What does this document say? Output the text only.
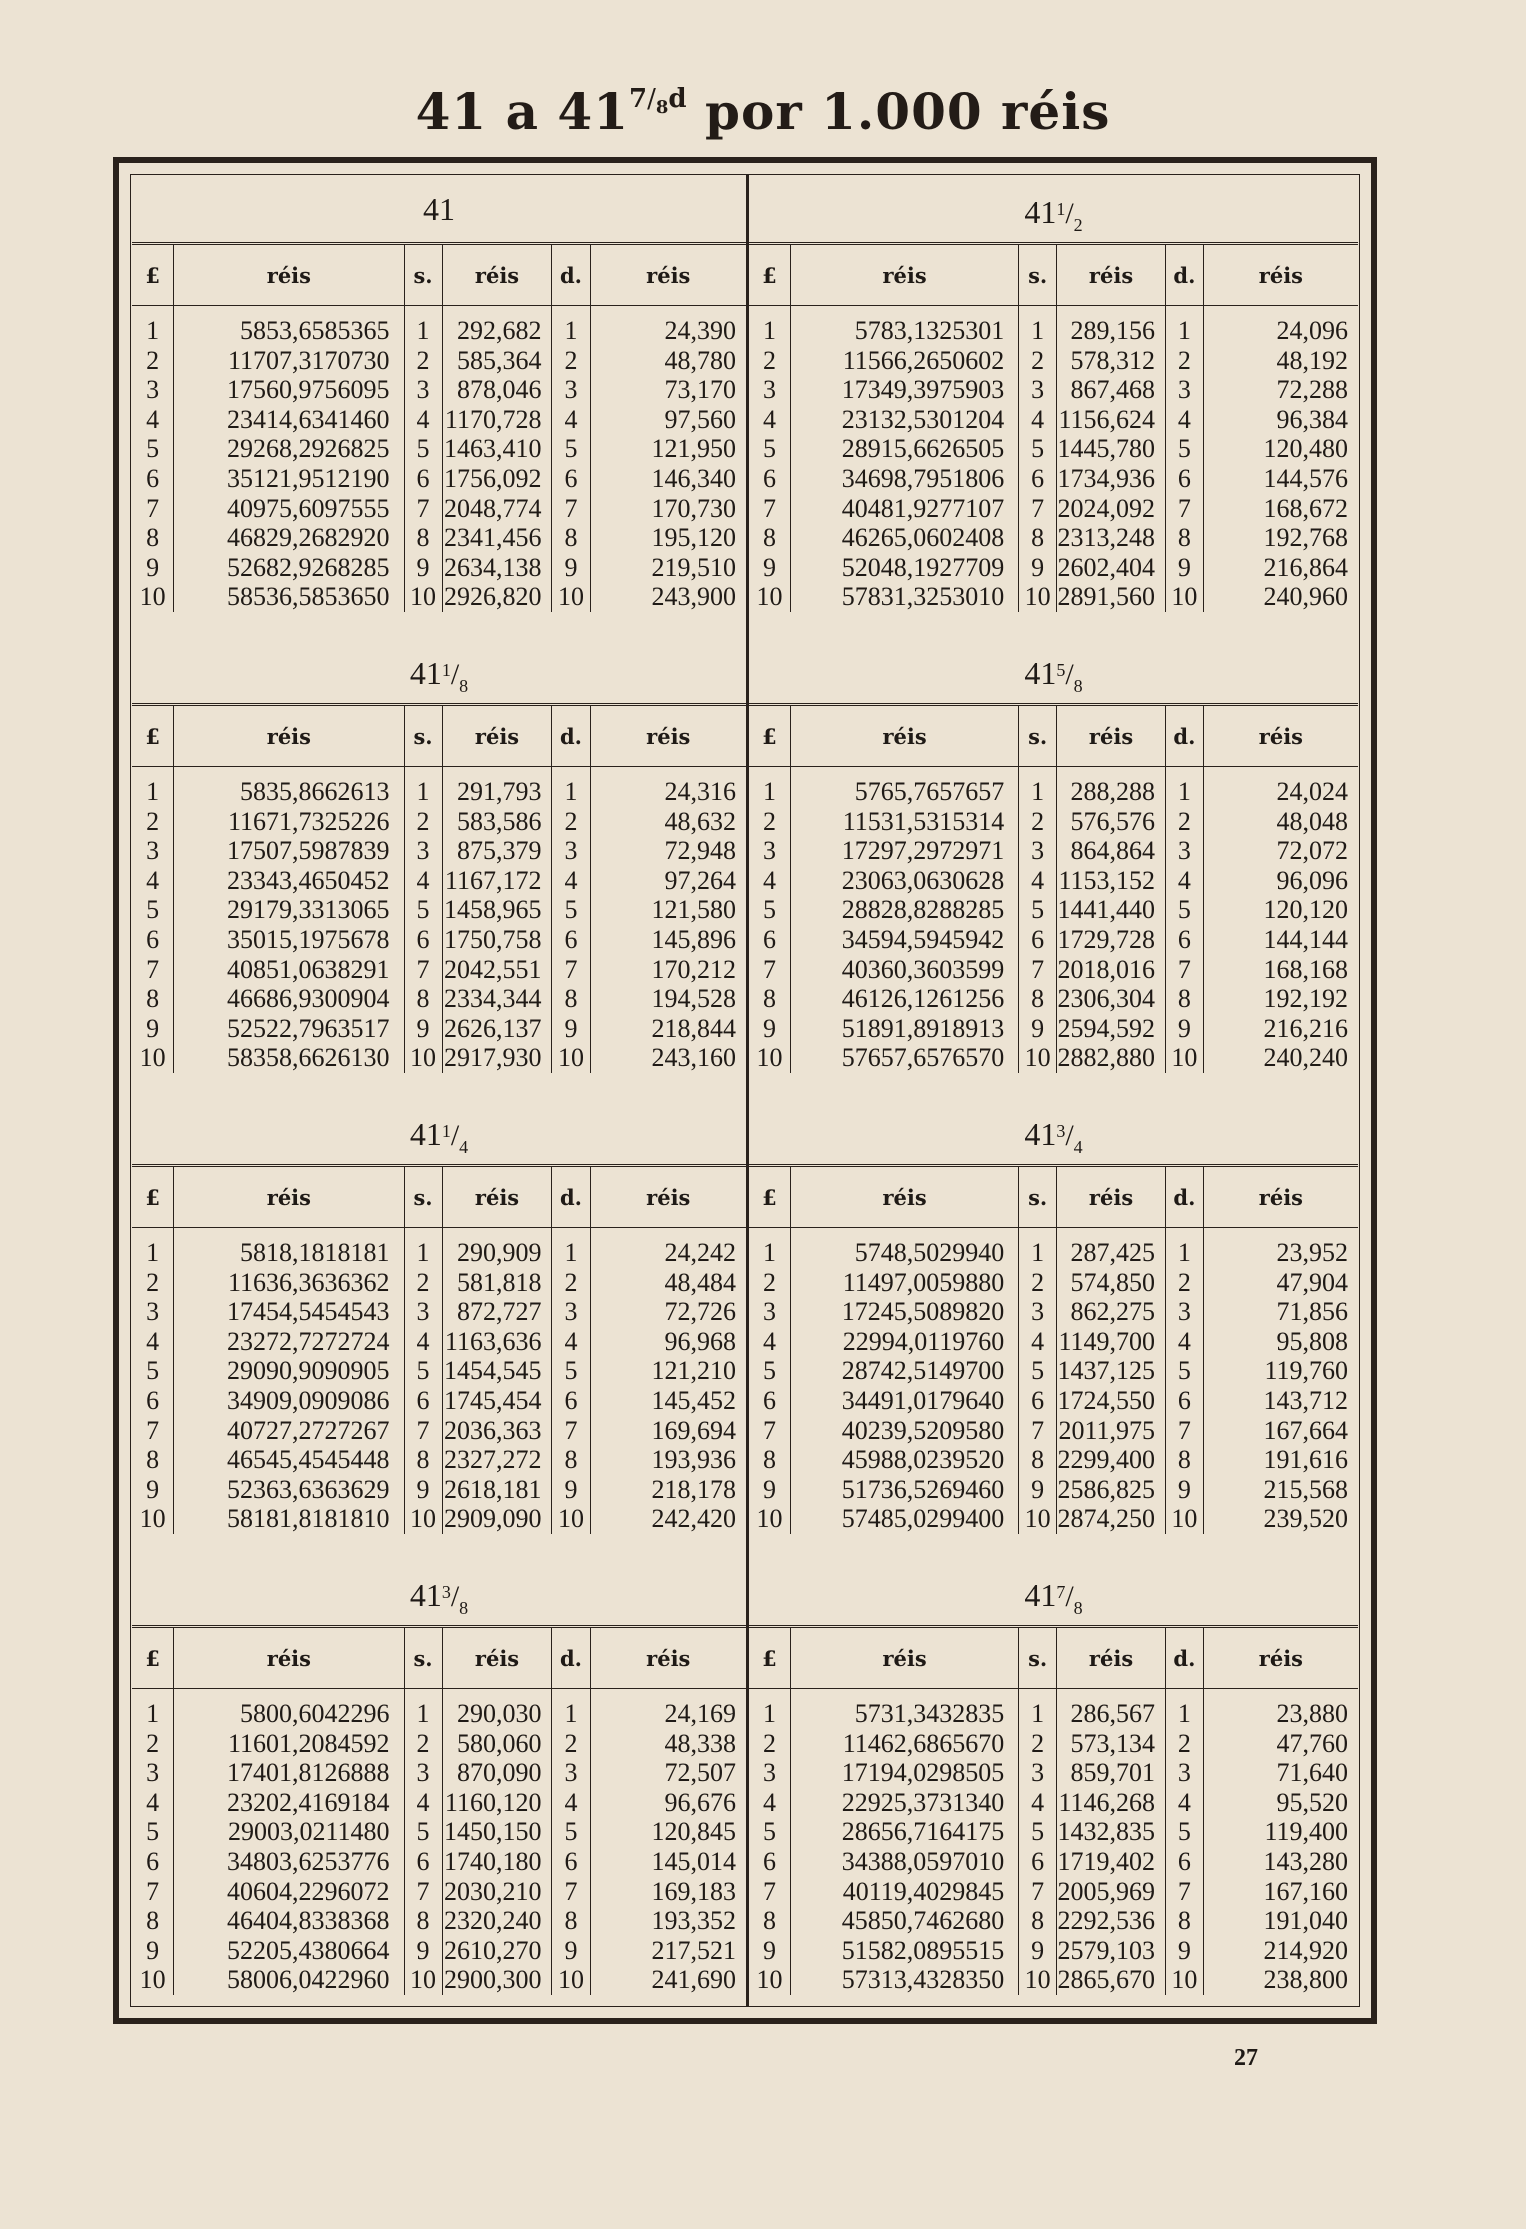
41 a $41^{7/_8d}$ por 1.000 réis
41
£	réis	s.	réis	d.	réis
1	5853,6585365	1	292,682	1	24,390
2	11707,3170730	2	585,364	2	48,780
3	17560,9756095	3	878,046	3	73,170
4	23414,6341460	4	1170,728	4	97,560
5	29268,2926825	5	1463,410	5	121,950
6	35121,9512190	6	1756,092	6	146,340
7	40975,6097555	7	2048,774	7	170,730
8	46829,2682920	8	2341,456	8	195,120
9	52682,9268285	9	2634,138	9	219,510
10	58536,5853650	10	2926,820	10	243,900
$41^1/_2$
£	réis	s.	réis	d.	réis
1	5783,1325301	1	289,156	1	24,096
2	11566,2650602	2	578,312	2	48,192
3	17349,3975903	3	867,468	3	72,288
4	23132,5301204	4	1156,624	4	96,384
5	28915,6626505	5	1445,780	5	120,480
6	34698,7951806	6	1734,936	6	144,576
7	40481,9277107	7	2024,092	7	168,672
8	46265,0602408	8	2313,248	8	192,768
9	52048,1927709	9	2602,404	9	216,864
10	57831,3253010	10	2891,560	10	240,960
$41^1/_8$
£	réis	s.	réis	d.	réis
1	5835,8662613	1	291,793	1	24,316
2	11671,7325226	2	583,586	2	48,632
3	17507,5987839	3	875,379	3	72,948
4	23343,4650452	4	1167,172	4	97,264
5	29179,3313065	5	1458,965	5	121,580
6	35015,1975678	6	1750,758	6	145,896
7	40851,0638291	7	2042,551	7	170,212
8	46686,9300904	8	2334,344	8	194,528
9	52522,7963517	9	2626,137	9	218,844
10	58358,6626130	10	2917,930	10	243,160
$41^5/_8$
£	réis	s.	réis	d.	réis
1	5765,7657657	1	288,288	1	24,024
2	11531,5315314	2	576,576	2	48,048
3	17297,2972971	3	864,864	3	72,072
4	23063,0630628	4	1153,152	4	96,096
5	28828,8288285	5	1441,440	5	120,120
6	34594,5945942	6	1729,728	6	144,144
7	40360,3603599	7	2018,016	7	168,168
8	46126,1261256	8	2306,304	8	192,192
9	51891,8918913	9	2594,592	9	216,216
10	57657,6576570	10	2882,880	10	240,240
$41^1/_4$
£	réis	s.	réis	d.	réis
1	5818,1818181	1	290,909	1	24,242
2	11636,3636362	2	581,818	2	48,484
3	17454,5454543	3	872,727	3	72,726
4	23272,7272724	4	1163,636	4	96,968
5	29090,9090905	5	1454,545	5	121,210
6	34909,0909086	6	1745,454	6	145,452
7	40727,2727267	7	2036,363	7	169,694
8	46545,4545448	8	2327,272	8	193,936
9	52363,6363629	9	2618,181	9	218,178
10	58181,8181810	10	2909,090	10	242,420
$41^3/_4$
£	réis	s.	réis	d.	réis
1	5748,5029940	1	287,425	1	23,952
2	11497,0059880	2	574,850	2	47,904
3	17245,5089820	3	862,275	3	71,856
4	22994,0119760	4	1149,700	4	95,808
5	28742,5149700	5	1437,125	5	119,760
6	34491,0179640	6	1724,550	6	143,712
7	40239,5209580	7	2011,975	7	167,664
8	45988,0239520	8	2299,400	8	191,616
9	51736,5269460	9	2586,825	9	215,568
10	57485,0299400	10	2874,250	10	239,520
$41^3/_8$
£	réis	s.	réis	d.	réis
1	5800,6042296	1	290,030	1	24,169
2	11601,2084592	2	580,060	2	48,338
3	17401,8126888	3	870,090	3	72,507
4	23202,4169184	4	1160,120	4	96,676
5	29003,0211480	5	1450,150	5	120,845
6	34803,6253776	6	1740,180	6	145,014
7	40604,2296072	7	2030,210	7	169,183
8	46404,8338368	8	2320,240	8	193,352
9	52205,4380664	9	2610,270	9	217,521
10	58006,0422960	10	2900,300	10	241,690
$41^7/_8$
£	réis	s.	réis	d.	réis
1	5731,3432835	1	286,567	1	23,880
2	11462,6865670	2	573,134	2	47,760
3	17194,0298505	3	859,701	3	71,640
4	22925,3731340	4	1146,268	4	95,520
5	28656,7164175	5	1432,835	5	119,400
6	34388,0597010	6	1719,402	6	143,280
7	40119,4029845	7	2005,969	7	167,160
8	45850,7462680	8	2292,536	8	191,040
9	51582,0895515	9	2579,103	9	214,920
10	57313,4328350	10	2865,670	10	238,800
27
